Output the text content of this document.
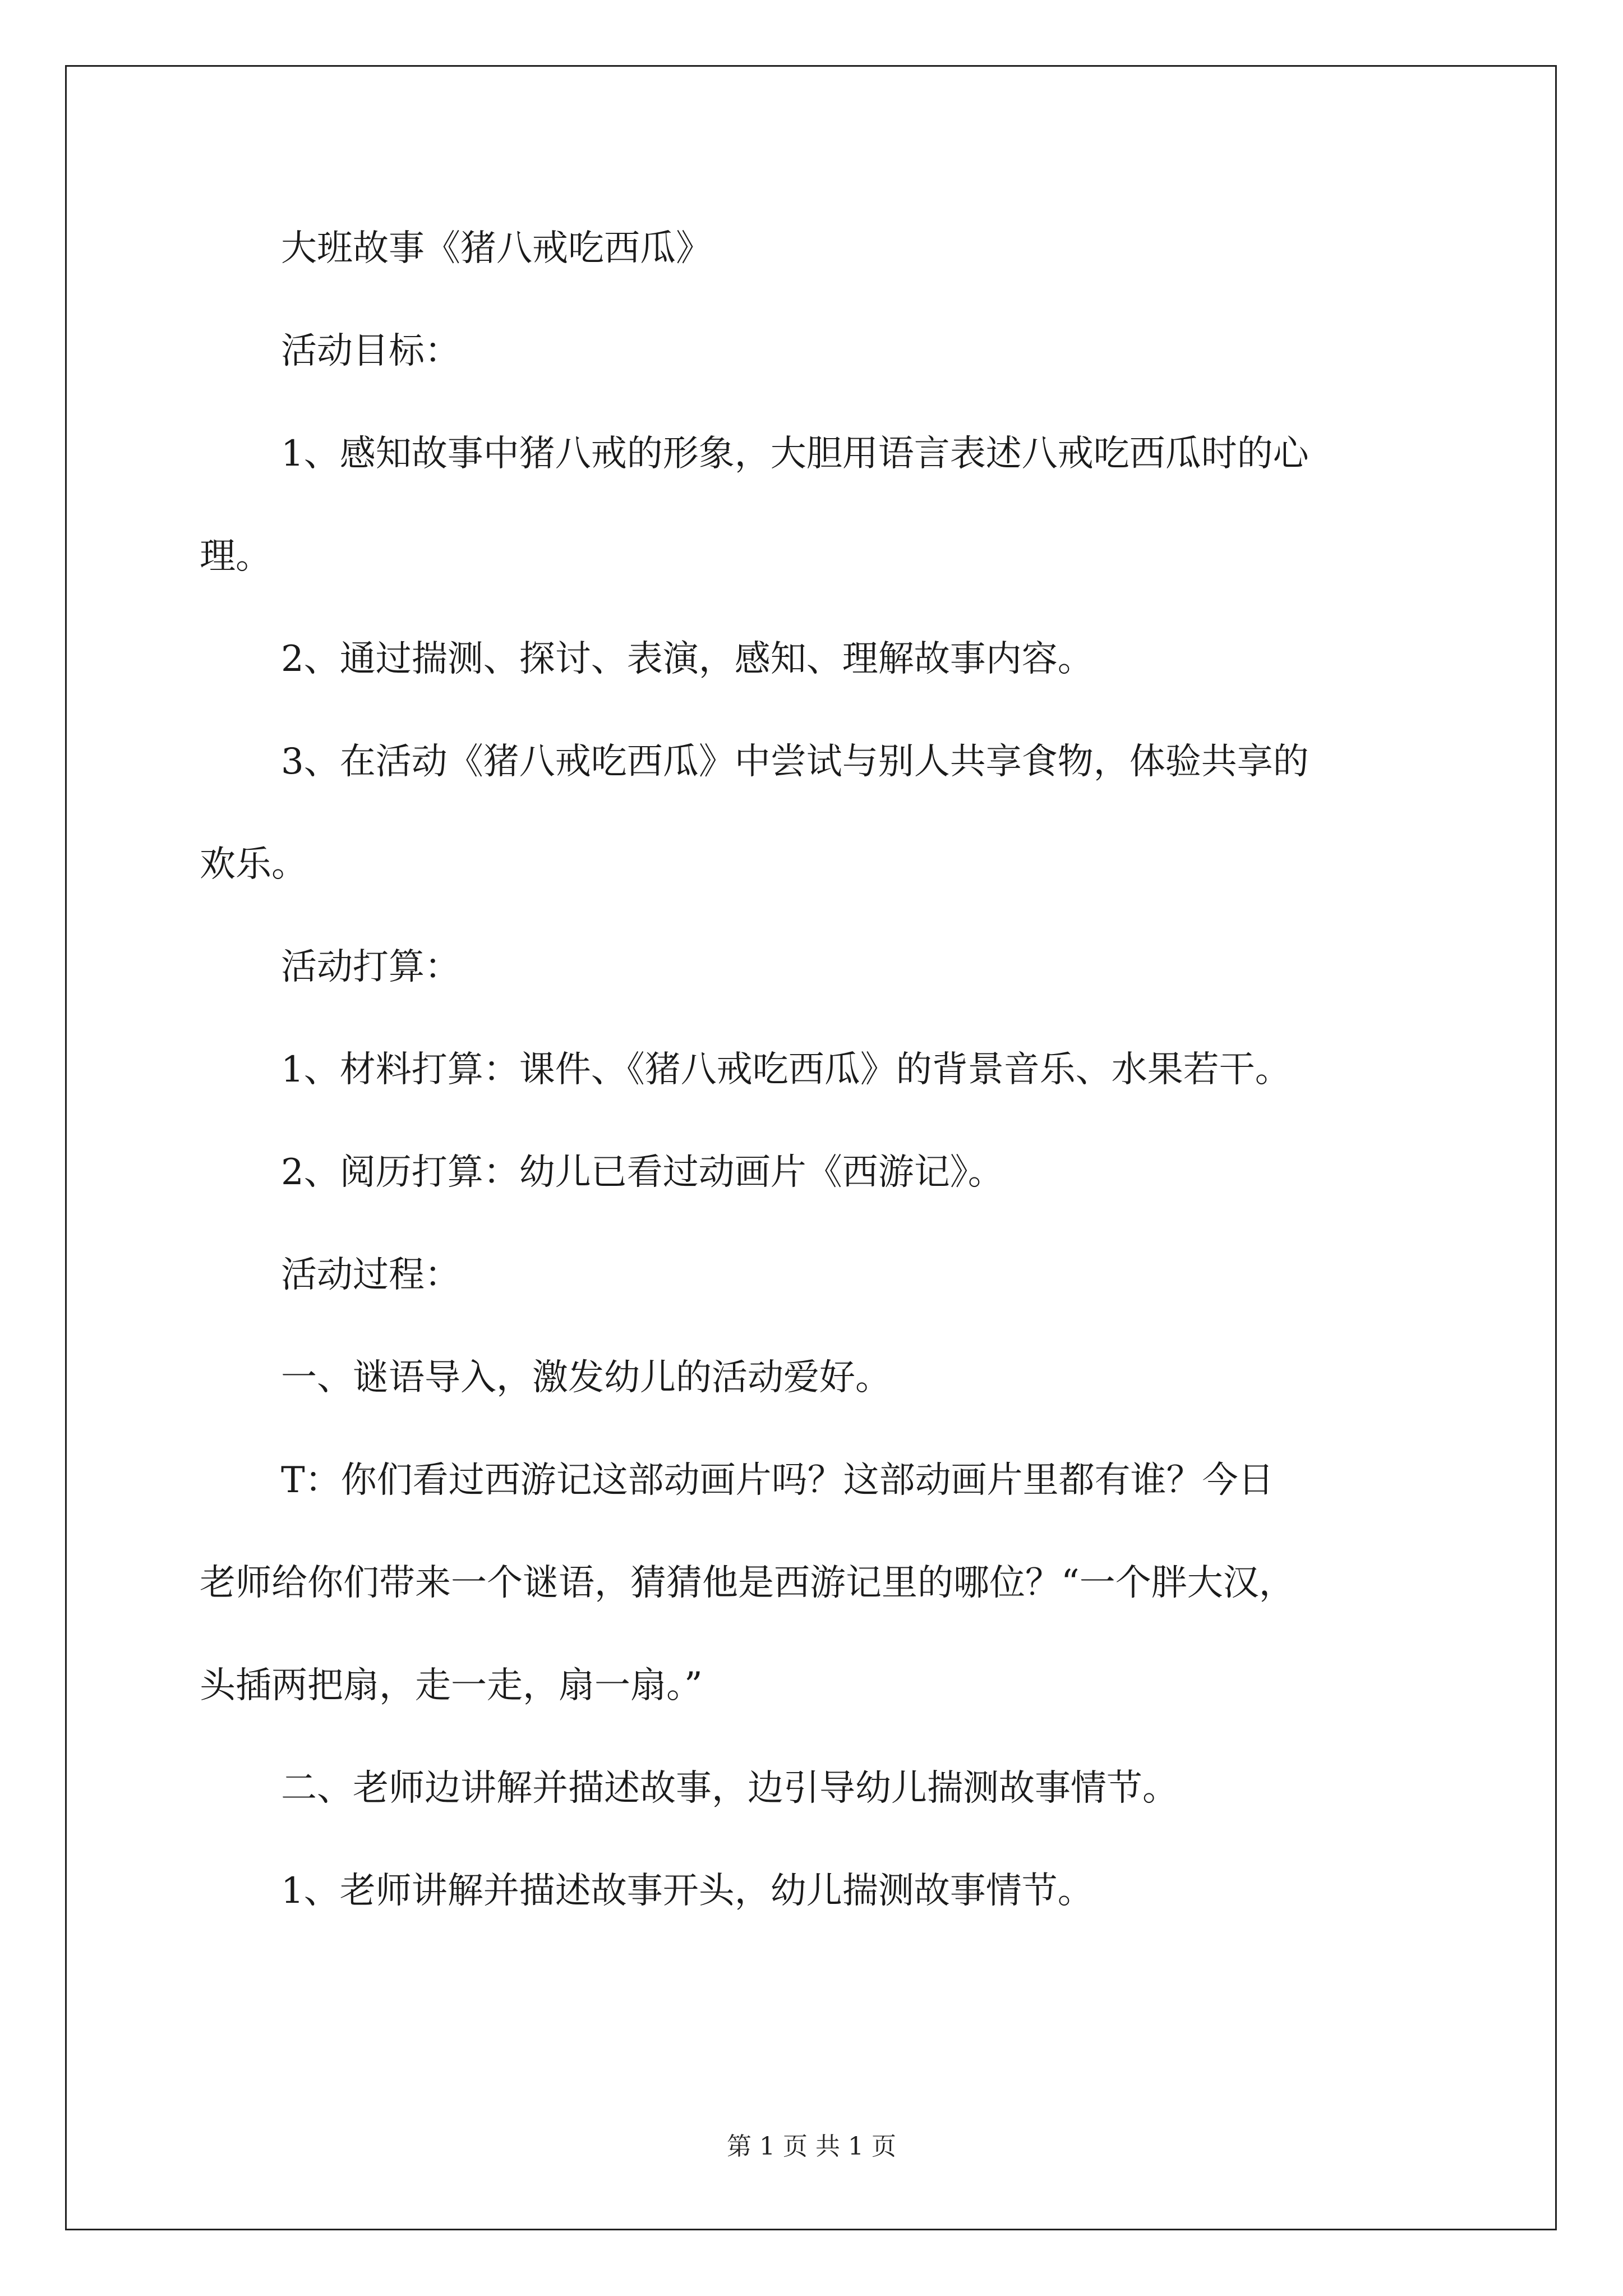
大班故事《猪八戒吃西瓜》

活动目标：

1、感知故事中猪八戒的形象，大胆用语言表述八戒吃西瓜时的心
理。

2、通过揣测、探讨、表演，感知、理解故事内容。

3、在活动《猪八戒吃西瓜》中尝试与别人共享食物，体验共享的
欢乐。

活动打算：

1、材料打算：课件、《猪八戒吃西瓜》的背景音乐、水果若干。

2、阅历打算：幼儿已看过动画片《西游记》。

活动过程：

一、谜语导入，激发幼儿的活动爱好。

T：你们看过西游记这部动画片吗？这部动画片里都有谁？今日
老师给你们带来一个谜语，猜猜他是西游记里的哪位？“一个胖大汉，
头插两把扇，走一走，扇一扇。”

二、老师边讲解并描述故事，边引导幼儿揣测故事情节。

1、老师讲解并描述故事开头，幼儿揣测故事情节。

第 1 页 共 1 页
